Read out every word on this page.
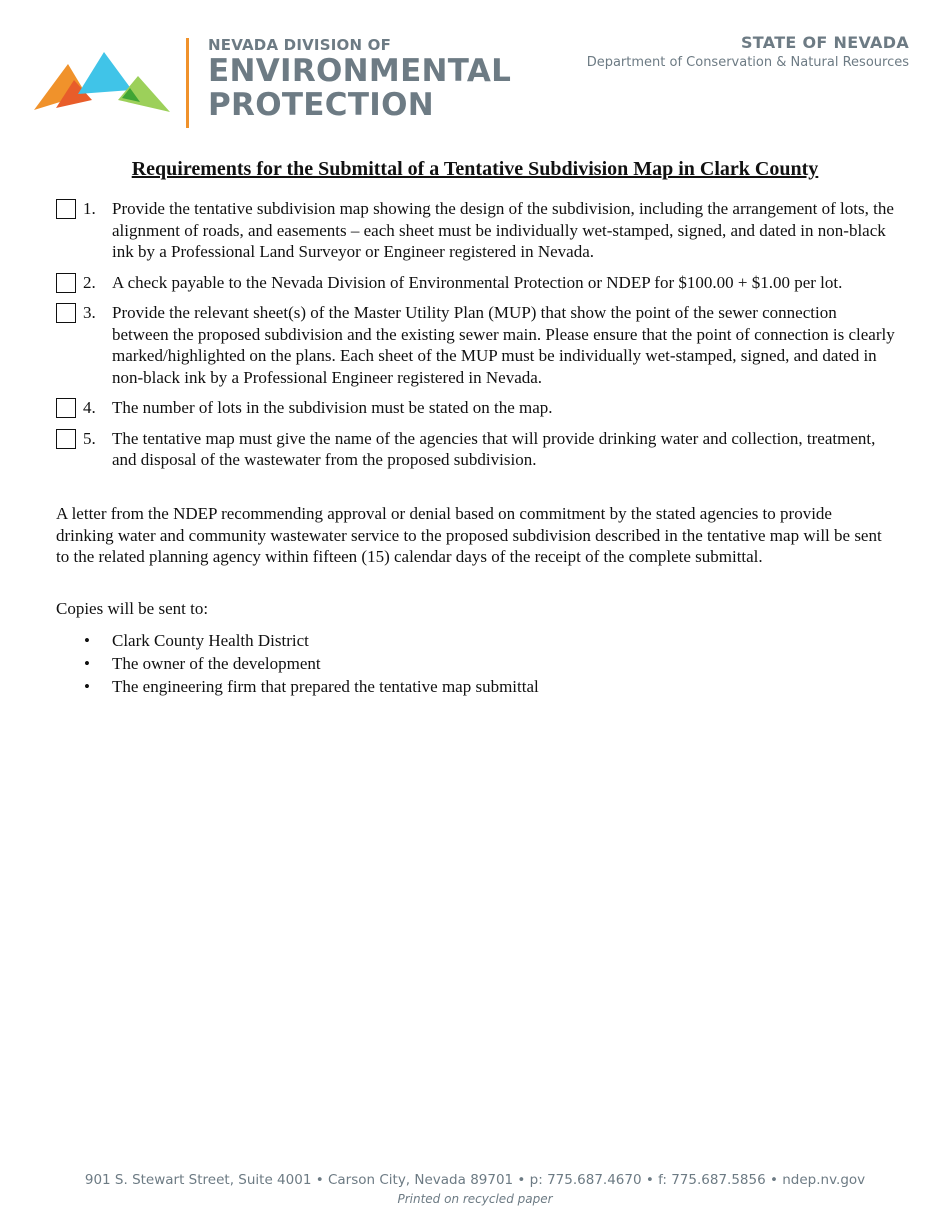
NEVADA DIVISION OF
ENVIRONMENTAL
PROTECTION
STATE OF NEVADA
Department of Conservation & Natural Resources
Requirements for the Submittal of a Tentative Subdivision Map in Clark County
1. Provide the tentative subdivision map showing the design of the subdivision, including the arrangement of lots, the alignment of roads, and easements – each sheet must be individually wet-stamped, signed, and dated in non-black ink by a Professional Land Surveyor or Engineer registered in Nevada.
2. A check payable to the Nevada Division of Environmental Protection or NDEP for $100.00 + $1.00 per lot.
3. Provide the relevant sheet(s) of the Master Utility Plan (MUP) that show the point of the sewer connection between the proposed subdivision and the existing sewer main. Please ensure that the point of connection is clearly marked/highlighted on the plans. Each sheet of the MUP must be individually wet-stamped, signed, and dated in non-black ink by a Professional Engineer registered in Nevada.
4. The number of lots in the subdivision must be stated on the map.
5. The tentative map must give the name of the agencies that will provide drinking water and collection, treatment, and disposal of the wastewater from the proposed subdivision.
A letter from the NDEP recommending approval or denial based on commitment by the stated agencies to provide drinking water and community wastewater service to the proposed subdivision described in the tentative map will be sent to the related planning agency within fifteen (15) calendar days of the receipt of the complete submittal.
Copies will be sent to:
• Clark County Health District
• The owner of the development
• The engineering firm that prepared the tentative map submittal
901 S. Stewart Street, Suite 4001 • Carson City, Nevada 89701 • p: 775.687.4670 • f: 775.687.5856 • ndep.nv.gov
Printed on recycled paper
